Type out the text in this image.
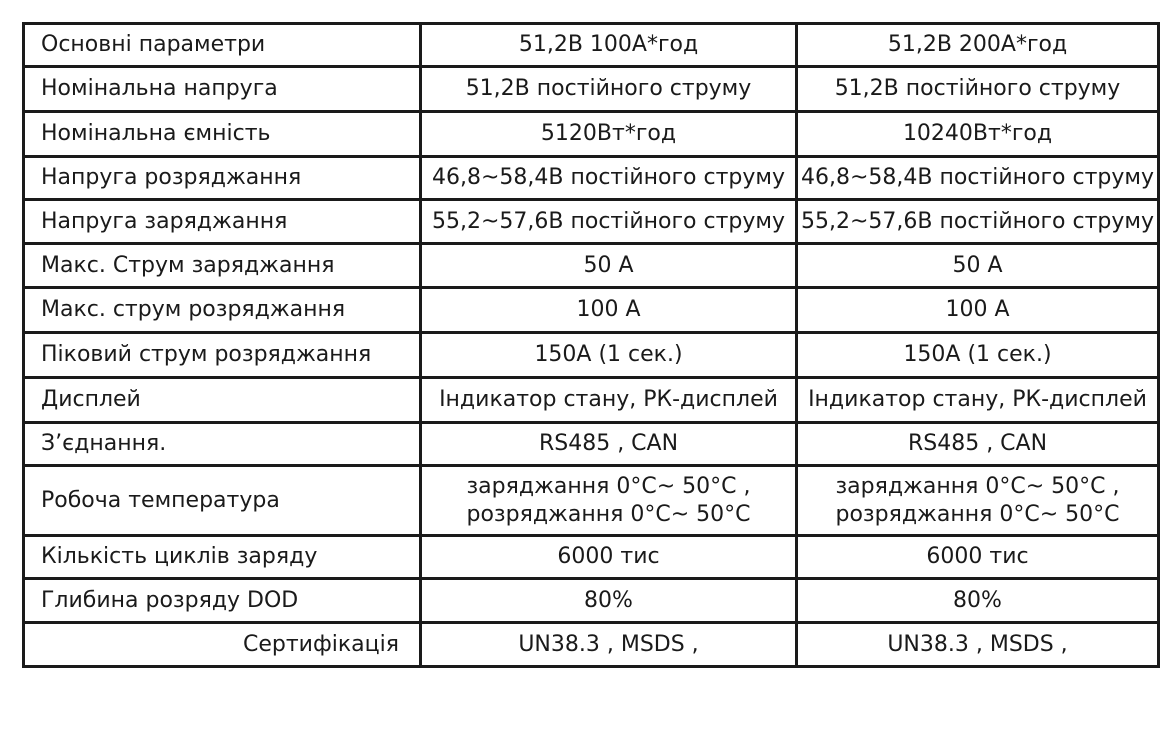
Основні параметри	51,2В 100А*год	51,2В 200А*год
Номінальна напруга	51,2В постійного струму	51,2В постійного струму
Номінальна ємність	5120Вт*год	10240Вт*год
Напруга розряджання	46,8~58,4В постійного струму	46,8~58,4В постійного струму
Напруга заряджання	55,2~57,6В постійного струму	55,2~57,6В постійного струму
Макс. Струм заряджання	50 А	50 А
Макс. струм розряджання	100 А	100 А
Піковий струм розряджання	150А (1 сек.)	150А (1 сек.)
Дисплей	Індикатор стану, РК-дисплей	Індикатор стану, РК-дисплей
З’єднання.	RS485 , CAN	RS485 , CAN
Робоча температура	заряджання 0°C~ 50°C , розряджання 0°C~ 50°C	заряджання 0°C~ 50°C , розряджання 0°C~ 50°C
Кількість циклів заряду	6000 тис	6000 тис
Глибина розряду DOD	80%	80%
Сертифікація	UN38.3 , MSDS ,	UN38.3 , MSDS ,
